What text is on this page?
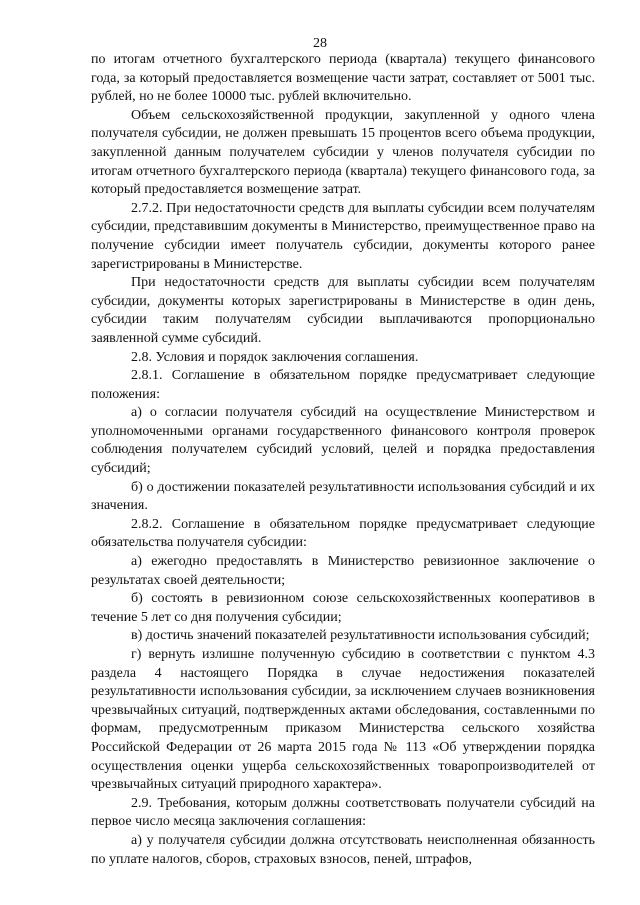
28

по итогам отчетного бухгалтерского периода (квартала) текущего финансового года, за который предоставляется возмещение части затрат, составляет от 5001 тыс. рублей, но не более 10000 тыс. рублей включительно.

Объем сельскохозяйственной продукции, закупленной у одного члена получателя субсидии, не должен превышать 15 процентов всего объема продукции, закупленной данным получателем субсидии у членов получателя субсидии по итогам отчетного бухгалтерского периода (квартала) текущего финансового года, за который предоставляется возмещение затрат.

2.7.2. При недостаточности средств для выплаты субсидии всем получателям субсидии, представившим документы в Министерство, преимущественное право на получение субсидии имеет получатель субсидии, документы которого ранее зарегистрированы в Министерстве.

При недостаточности средств для выплаты субсидии всем получателям субсидии, документы которых зарегистрированы в Министерстве в один день, субсидии таким получателям субсидии выплачиваются пропорционально заявленной сумме субсидий.

2.8. Условия и порядок заключения соглашения.

2.8.1. Соглашение в обязательном порядке предусматривает следующие положения:

а) о согласии получателя субсидий на осуществление Министерством и уполномоченными органами государственного финансового контроля проверок соблюдения получателем субсидий условий, целей и порядка предоставления субсидий;

б) о достижении показателей результативности использования субсидий и их значения.

2.8.2. Соглашение в обязательном порядке предусматривает следующие обязательства получателя субсидии:

а) ежегодно предоставлять в Министерство ревизионное заключение о результатах своей деятельности;

б) состоять в ревизионном союзе сельскохозяйственных кооперативов в течение 5 лет со дня получения субсидии;

в) достичь значений показателей результативности использования субсидий;

г) вернуть излишне полученную субсидию в соответствии с пунктом 4.3 раздела 4 настоящего Порядка в случае недостижения показателей результативности использования субсидии, за исключением случаев возникновения чрезвычайных ситуаций, подтвержденных актами обследования, составленными по формам, предусмотренным приказом Министерства сельского хозяйства Российской Федерации от 26 марта 2015 года № 113 «Об утверждении порядка осуществления оценки ущерба сельскохозяйственных товаропроизводителей от чрезвычайных ситуаций природного характера».

2.9. Требования, которым должны соответствовать получатели субсидий на первое число месяца заключения соглашения:

а) у получателя субсидии должна отсутствовать неисполненная обязанность по уплате налогов, сборов, страховых взносов, пеней, штрафов,
